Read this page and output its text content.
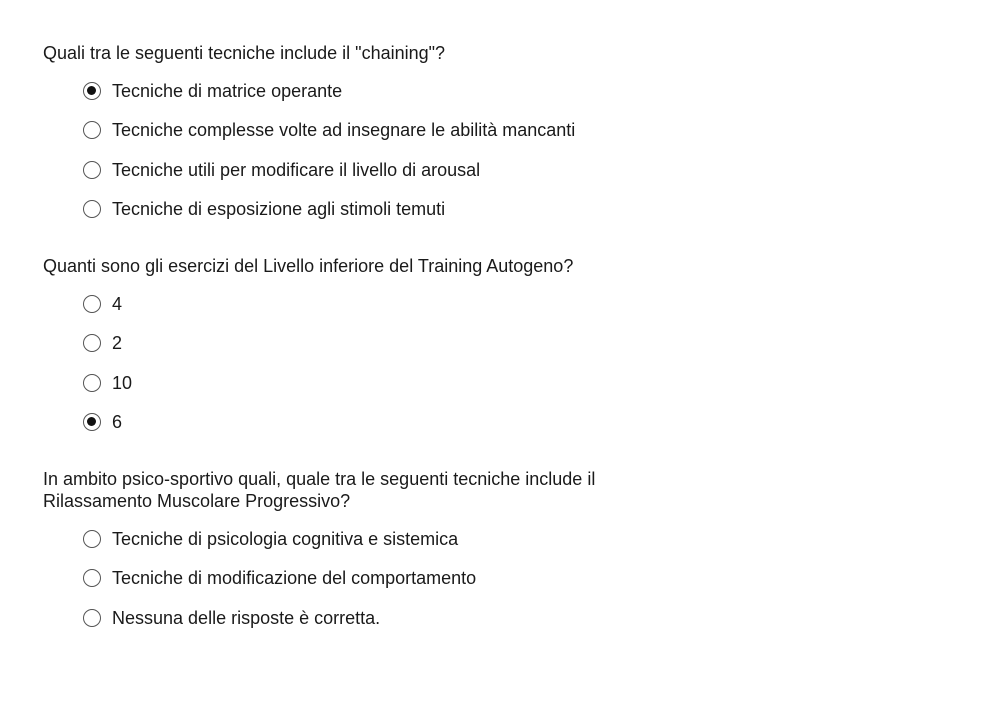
Quali tra le seguenti tecniche include il "chaining"?

Tecniche di matrice operante
Tecniche complesse volte ad insegnare le abilità mancanti
Tecniche utili per modificare il livello di arousal
Tecniche di esposizione agli stimoli temuti

Quanti sono gli esercizi del Livello inferiore del Training Autogeno?

4
2
10
6

In ambito psico-sportivo quali, quale tra le seguenti tecniche include il Rilassamento Muscolare Progressivo?

Tecniche di psicologia cognitiva e sistemica
Tecniche di modificazione del comportamento
Nessuna delle risposte è corretta.
